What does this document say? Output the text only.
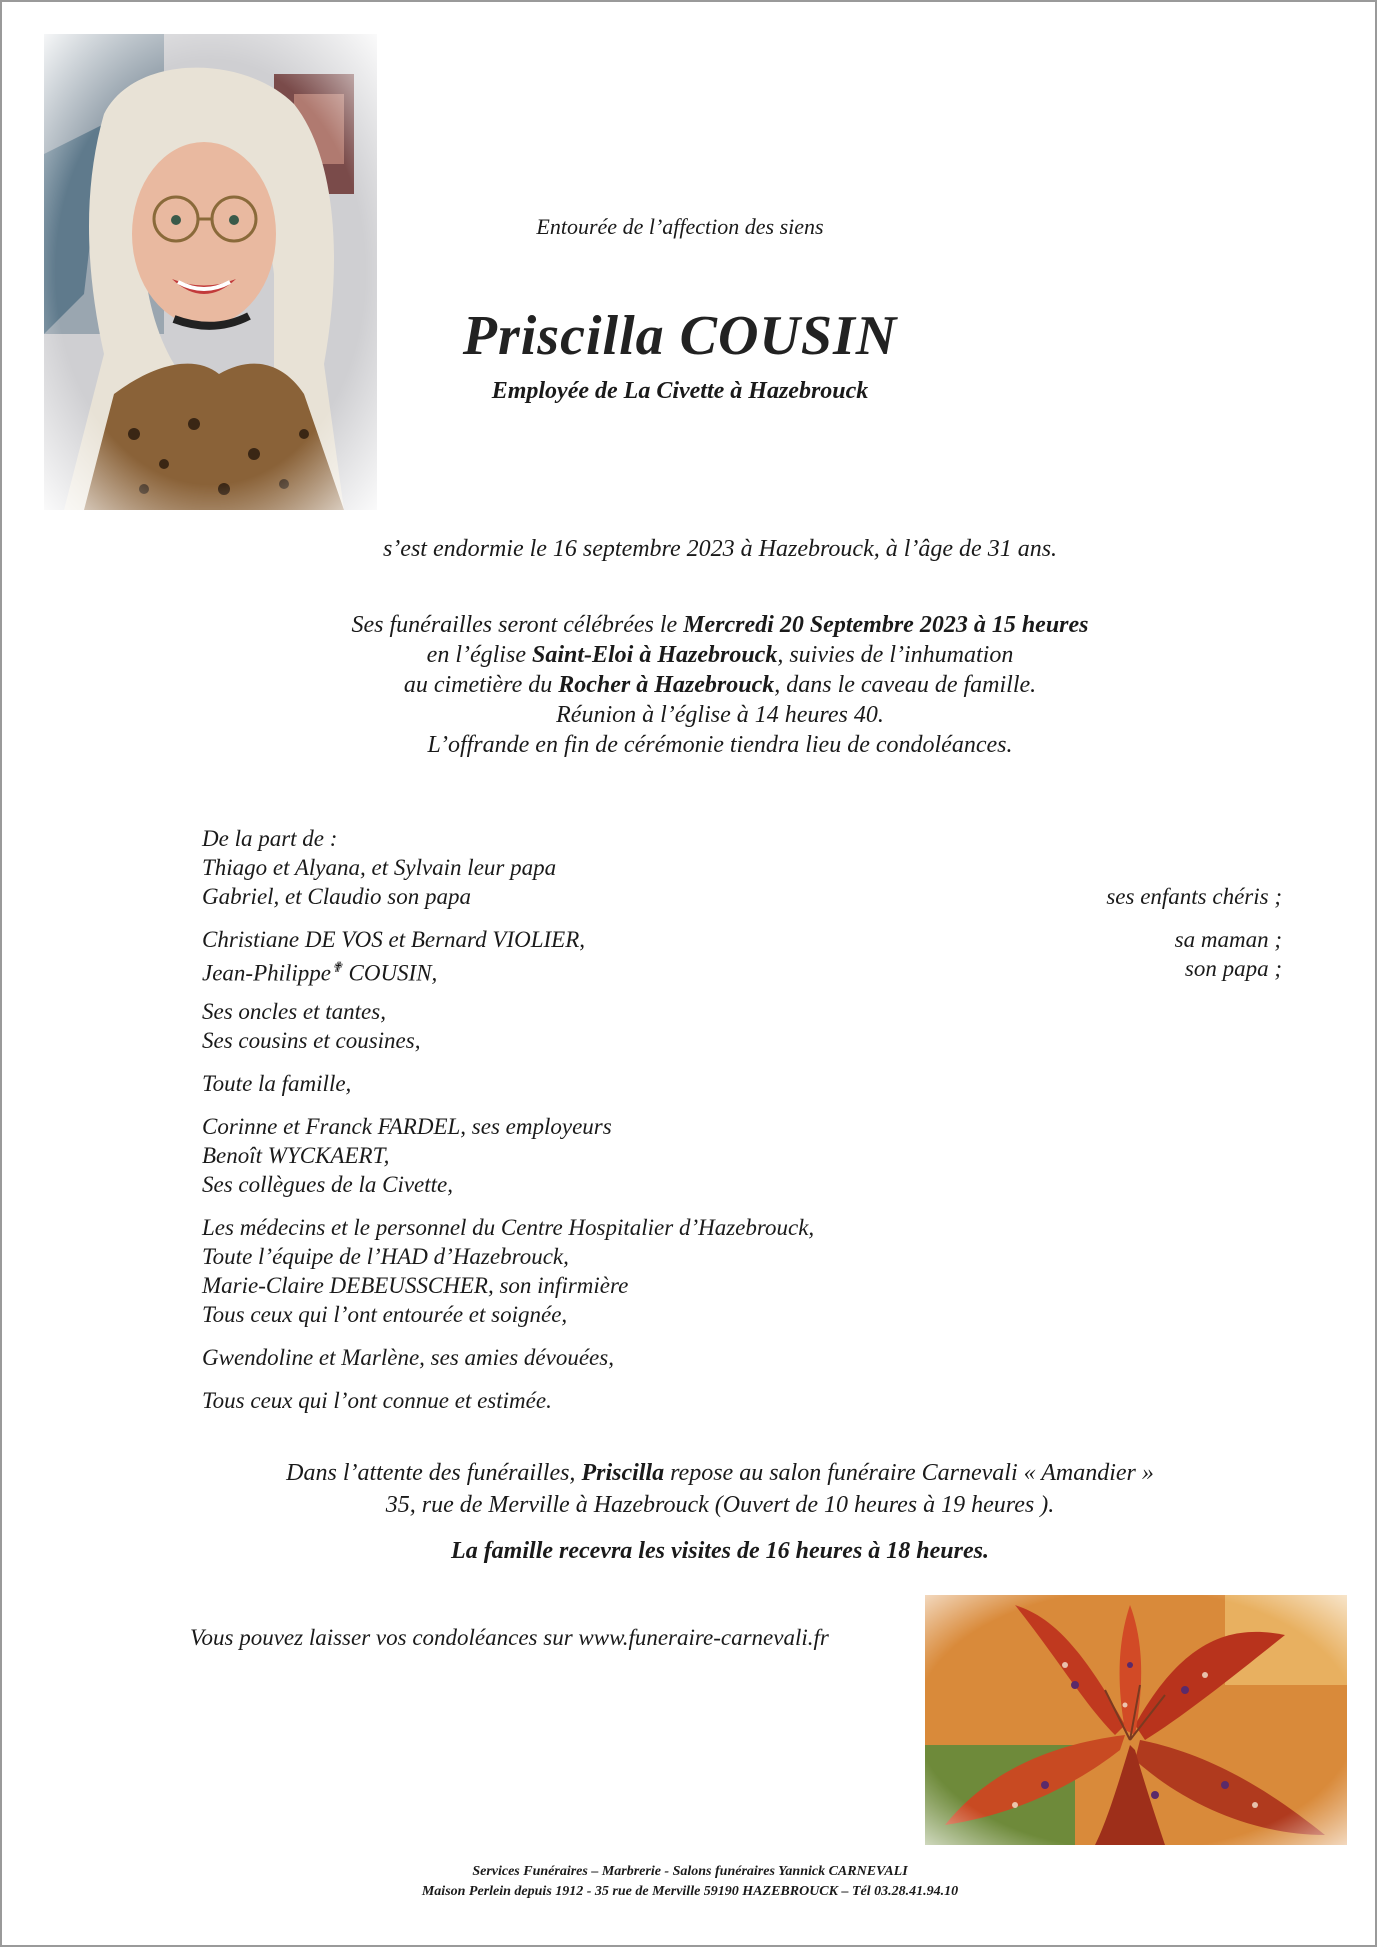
Entourée de l’affection des siens
Priscilla COUSIN
Employée de La Civette à Hazebrouck
s’est endormie le 16 septembre 2023 à Hazebrouck, à l’âge de 31 ans.
Ses funérailles seront célébrées le Mercredi 20 Septembre 2023 à 15 heures
en l’église Saint-Eloi à Hazebrouck, suivies de l’inhumation
au cimetière du Rocher à Hazebrouck, dans le caveau de famille.
Réunion à l’église à 14 heures 40.
L’offrande en fin de cérémonie tiendra lieu de condoléances.
De la part de :
Thiago et Alyana, et Sylvain leur papa
Gabriel, et Claudio son papa	ses enfants chéris ;
Christiane DE VOS et Bernard VIOLIER,	sa maman ;
Jean-Philippe✟ COUSIN,	son papa ;
Ses oncles et tantes,
Ses cousins et cousines,
Toute la famille,
Corinne et Franck FARDEL, ses employeurs
Benoît WYCKAERT,
Ses collègues de la Civette,
Les médecins et le personnel du Centre Hospitalier d’Hazebrouck,
Toute l’équipe de l’HAD d’Hazebrouck,
Marie-Claire DEBEUSSCHER, son infirmière
Tous ceux qui l’ont entourée et soignée,
Gwendoline et Marlène, ses amies dévouées,
Tous ceux qui l’ont connue et estimée.
Dans l’attente des funérailles, Priscilla repose au salon funéraire Carnevali « Amandier »
35, rue de Merville à Hazebrouck (Ouvert de 10 heures à 19 heures ).
La famille recevra les visites de 16 heures à 18 heures.
Vous pouvez laisser vos condoléances sur www.funeraire-carnevali.fr
Services Funéraires – Marbrerie - Salons funéraires Yannick CARNEVALI
Maison Perlein depuis 1912 - 35 rue de Merville 59190 HAZEBROUCK – Tél 03.28.41.94.10
